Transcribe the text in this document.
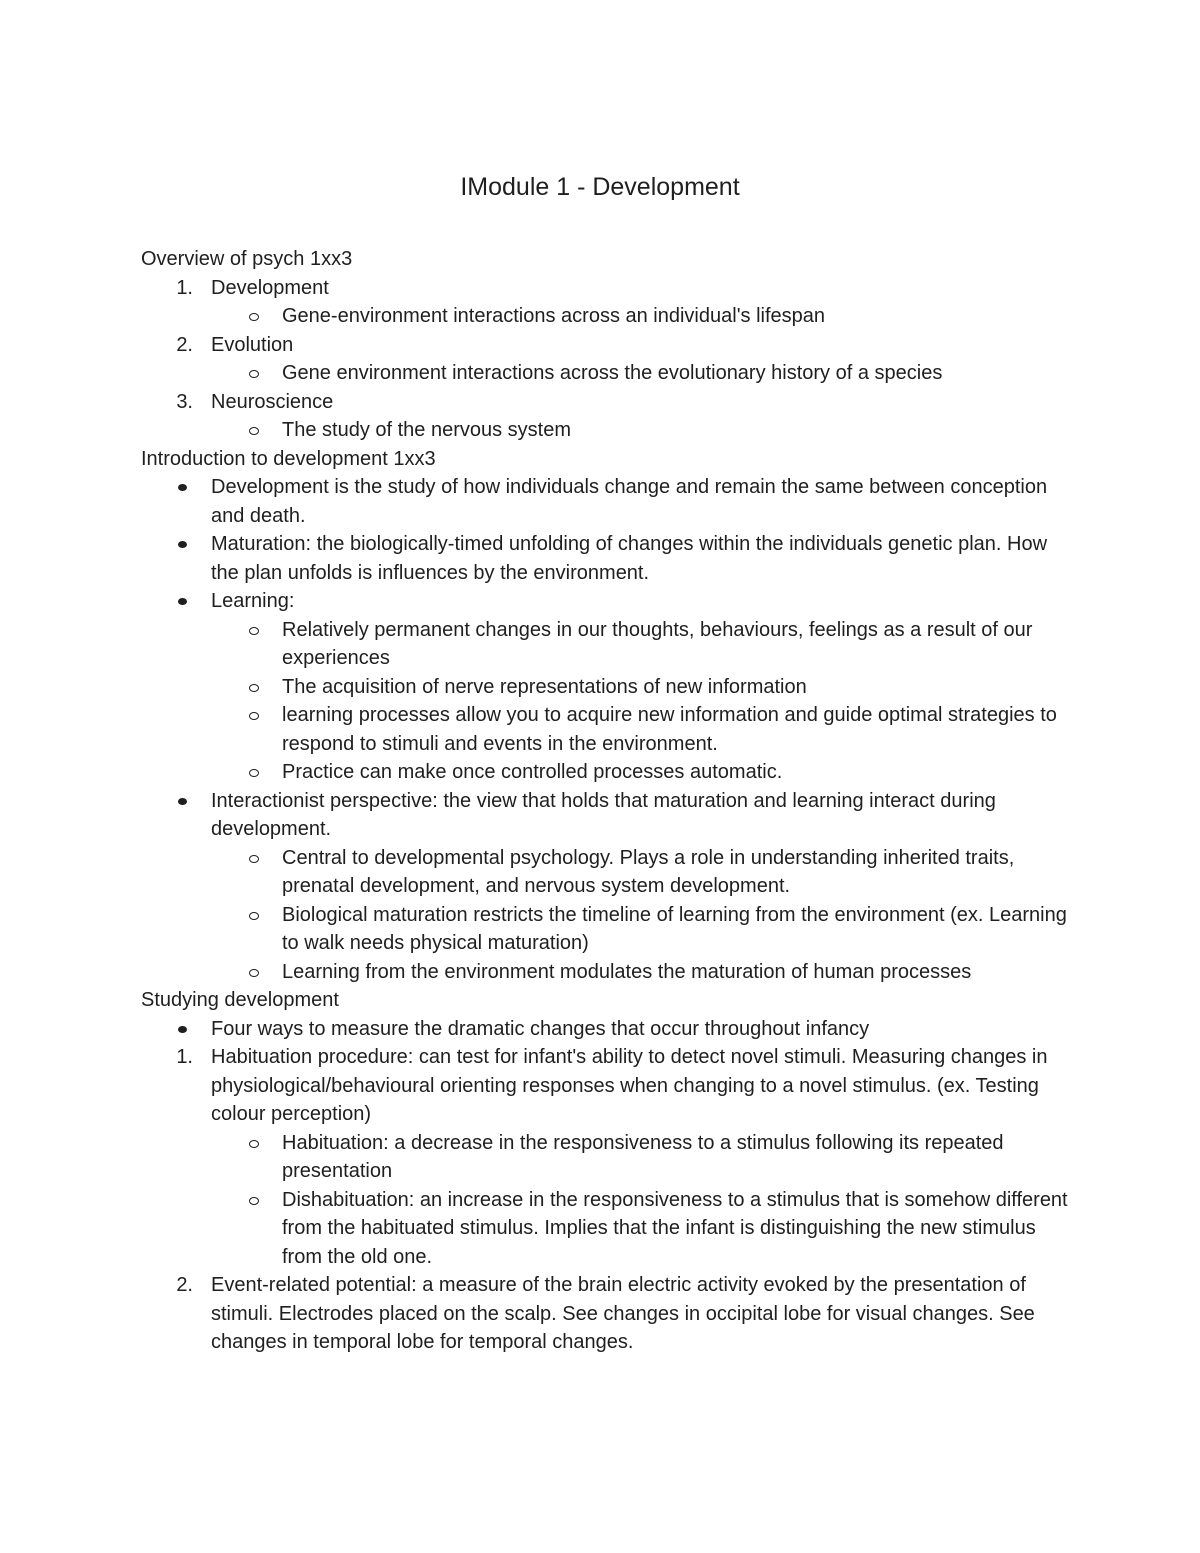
IModule 1 - Development
Overview of psych 1xx3
1. Development
Gene-environment interactions across an individual's lifespan
2. Evolution
Gene environment interactions across the evolutionary history of a species
3. Neuroscience
The study of the nervous system
Introduction to development 1xx3
Development is the study of how individuals change and remain the same between conception and death.
Maturation: the biologically-timed unfolding of changes within the individuals genetic plan. How the plan unfolds is influences by the environment.
Learning:
Relatively permanent changes in our thoughts, behaviours, feelings as a result of our experiences
The acquisition of nerve representations of new information
learning processes allow you to acquire new information and guide optimal strategies to respond to stimuli and events in the environment.
Practice can make once controlled processes automatic.
Interactionist perspective: the view that holds that maturation and learning interact during development.
Central to developmental psychology. Plays a role in understanding inherited traits, prenatal development, and nervous system development.
Biological maturation restricts the timeline of learning from the environment (ex. Learning to walk needs physical maturation)
Learning from the environment modulates the maturation of human processes
Studying development
Four ways to measure the dramatic changes that occur throughout infancy
1. Habituation procedure: can test for infant's ability to detect novel stimuli. Measuring changes in physiological/behavioural orienting responses when changing to a novel stimulus. (ex. Testing colour perception)
Habituation: a decrease in the responsiveness to a stimulus following its repeated presentation
Dishabituation: an increase in the responsiveness to a stimulus that is somehow different from the habituated stimulus. Implies that the infant is distinguishing the new stimulus from the old one.
2. Event-related potential: a measure of the brain electric activity evoked by the presentation of stimuli. Electrodes placed on the scalp. See changes in occipital lobe for visual changes. See changes in temporal lobe for temporal changes.
